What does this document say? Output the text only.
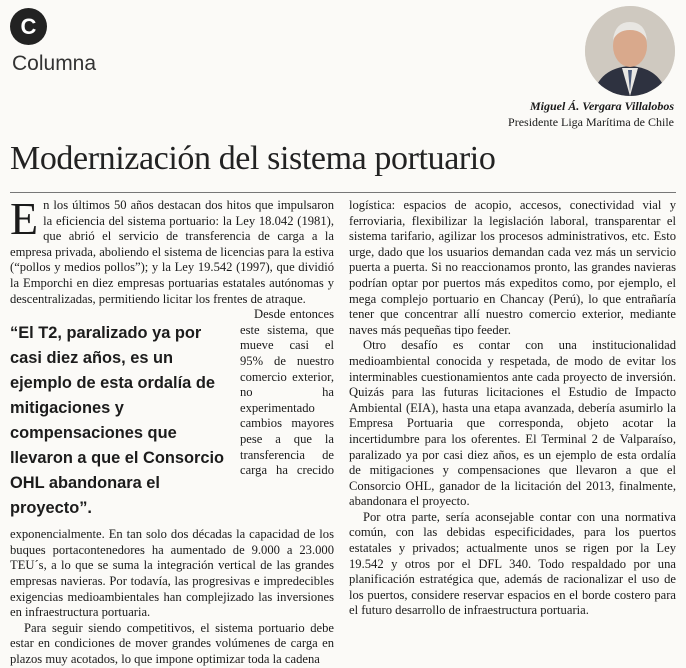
C
Columna
Miguel Á. Vergara Villalobos
Presidente Liga Marítima de Chile
Modernización del sistema portuario

En los últimos 50 años destacan dos hitos que impulsaron la eficiencia del sistema portuario: la Ley 18.042 (1981), que abrió el servicio de transferencia de carga a la empresa privada, aboliendo el sistema de licencias para la estiva (“pollos y medios pollos”); y la Ley 19.542 (1997), que dividió la Emporchi en diez empresas portuarias estatales autónomas y descentralizadas, permitiendo licitar los frentes de atraque.

“El T2, paralizado ya por casi diez años, es un ejemplo de esta ordalía de mitigaciones y compensaciones que llevaron a que el Consorcio OHL abandonara el proyecto”.

Desde entonces este sistema, que mueve casi el 95% de nuestro comercio exterior, no ha experimentado cambios mayores pese a que la transferencia de carga ha crecido exponencialmente. En tan solo dos décadas la capacidad de los buques portacontenedores ha aumentado de 9.000 a 23.000 TEU´s, a lo que se suma la integración vertical de las grandes empresas navieras. Por todavía, las progresivas e impredecibles exigencias medioambientales han complejizado las inversiones en infraestructura portuaria.

Para seguir siendo competitivos, el sistema portuario debe estar en condiciones de mover grandes volúmenes de carga en plazos muy acotados, lo que impone optimizar toda la cadena

logística: espacios de acopio, accesos, conectividad vial y ferroviaria, flexibilizar la legislación laboral, transparentar el sistema tarifario, agilizar los procesos administrativos, etc. Esto urge, dado que los usuarios demandan cada vez más un servicio puerta a puerta. Si no reaccionamos pronto, las grandes navieras podrían optar por puertos más expeditos como, por ejemplo, el mega complejo portuario en Chancay (Perú), lo que entrañaría tener que concentrar allí nuestro comercio exterior, mediante naves más pequeñas tipo feeder.

Otro desafío es contar con una institucionalidad medioambiental conocida y respetada, de modo de evitar los interminables cuestionamientos ante cada proyecto de inversión. Quizás para las futuras licitaciones el Estudio de Impacto Ambiental (EIA), hasta una etapa avanzada, debería asumirlo la Empresa Portuaria que corresponda, objeto acotar la incertidumbre para los oferentes. El Terminal 2 de Valparaíso, paralizado ya por casi diez años, es un ejemplo de esta ordalía de mitigaciones y compensaciones que llevaron a que el Consorcio OHL, ganador de la licitación del 2013, finalmente, abandonara el proyecto.

Por otra parte, sería aconsejable contar con una normativa común, con las debidas especificidades, para los puertos estatales y privados; actualmente unos se rigen por la Ley 19.542 y otros por el DFL 340. Todo respaldado por una planificación estratégica que, además de racionalizar el uso de los puertos, considere reservar espacios en el borde costero para el futuro desarrollo de infraestructura portuaria.
